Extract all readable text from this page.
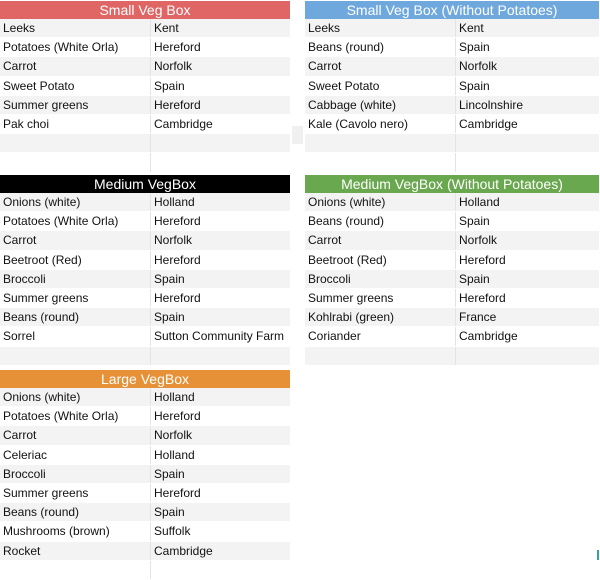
Small Veg Box
Leeks	Kent
Potatoes (White Orla)	Hereford
Carrot	Norfolk
Sweet Potato	Spain
Summer greens	Hereford
Pak choi	Cambridge
Small Veg Box (Without Potatoes)
Leeks	Kent
Beans (round)	Spain
Carrot	Norfolk
Sweet Potato	Spain
Cabbage (white)	Lincolnshire
Kale (Cavolo nero)	Cambridge
Medium VegBox
Onions (white)	Holland
Potatoes (White Orla)	Hereford
Carrot	Norfolk
Beetroot (Red)	Hereford
Broccoli	Spain
Summer greens	Hereford
Beans (round)	Spain
Sorrel	Sutton Community Farm
Medium VegBox (Without Potatoes)
Onions (white)	Holland
Beans (round)	Spain
Carrot	Norfolk
Beetroot (Red)	Hereford
Broccoli	Spain
Summer greens	Hereford
Kohlrabi (green)	France
Coriander	Cambridge
Large VegBox
Onions (white)	Holland
Potatoes (White Orla)	Hereford
Carrot	Norfolk
Celeriac	Holland
Broccoli	Spain
Summer greens	Hereford
Beans (round)	Spain
Mushrooms (brown)	Suffolk
Rocket	Cambridge
